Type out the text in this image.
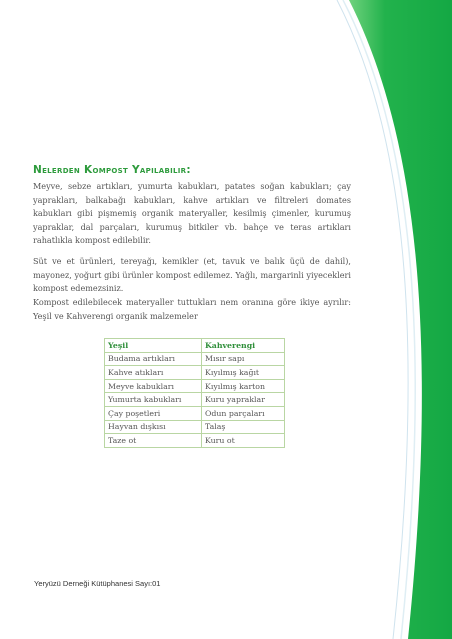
Nelerden Kompost Yapılabilir:

Meyve, sebze artıkları, yumurta kabukları, patates soğan kabukları; çay yaprakları, balkabağı kabukları, kahve artıkları ve filtreleri domates kabukları gibi pişmemiş organik materyaller, kesilmiş çimenler, kurumuş yapraklar, dal parçaları, kurumuş bitkiler vb. bahçe ve teras artıkları rahatlıkla kompost edilebilir.

Süt ve et ürünleri, tereyağı, kemikler (et, tavuk ve balık üçü de dahil), mayonez, yoğurt gibi ürünler kompost edilemez. Yağlı, margarinli yiyecekleri kompost edemezsiniz.

Kompost edilebilecek materyaller tuttukları nem oranına göre ikiye ayrılır: Yeşil ve Kahverengi organik malzemeler

Yeşil	Kahverengi
Budama artıkları	Mısır sapı
Kahve atıkları	Kıyılmış kağıt
Meyve kabukları	Kıyılmış karton
Yumurta kabukları	Kuru yapraklar
Çay poşetleri	Odun parçaları
Hayvan dışkısı	Talaş
Taze ot	Kuru ot
Yeryüzü Derneği Kütüphanesi Sayı:01
